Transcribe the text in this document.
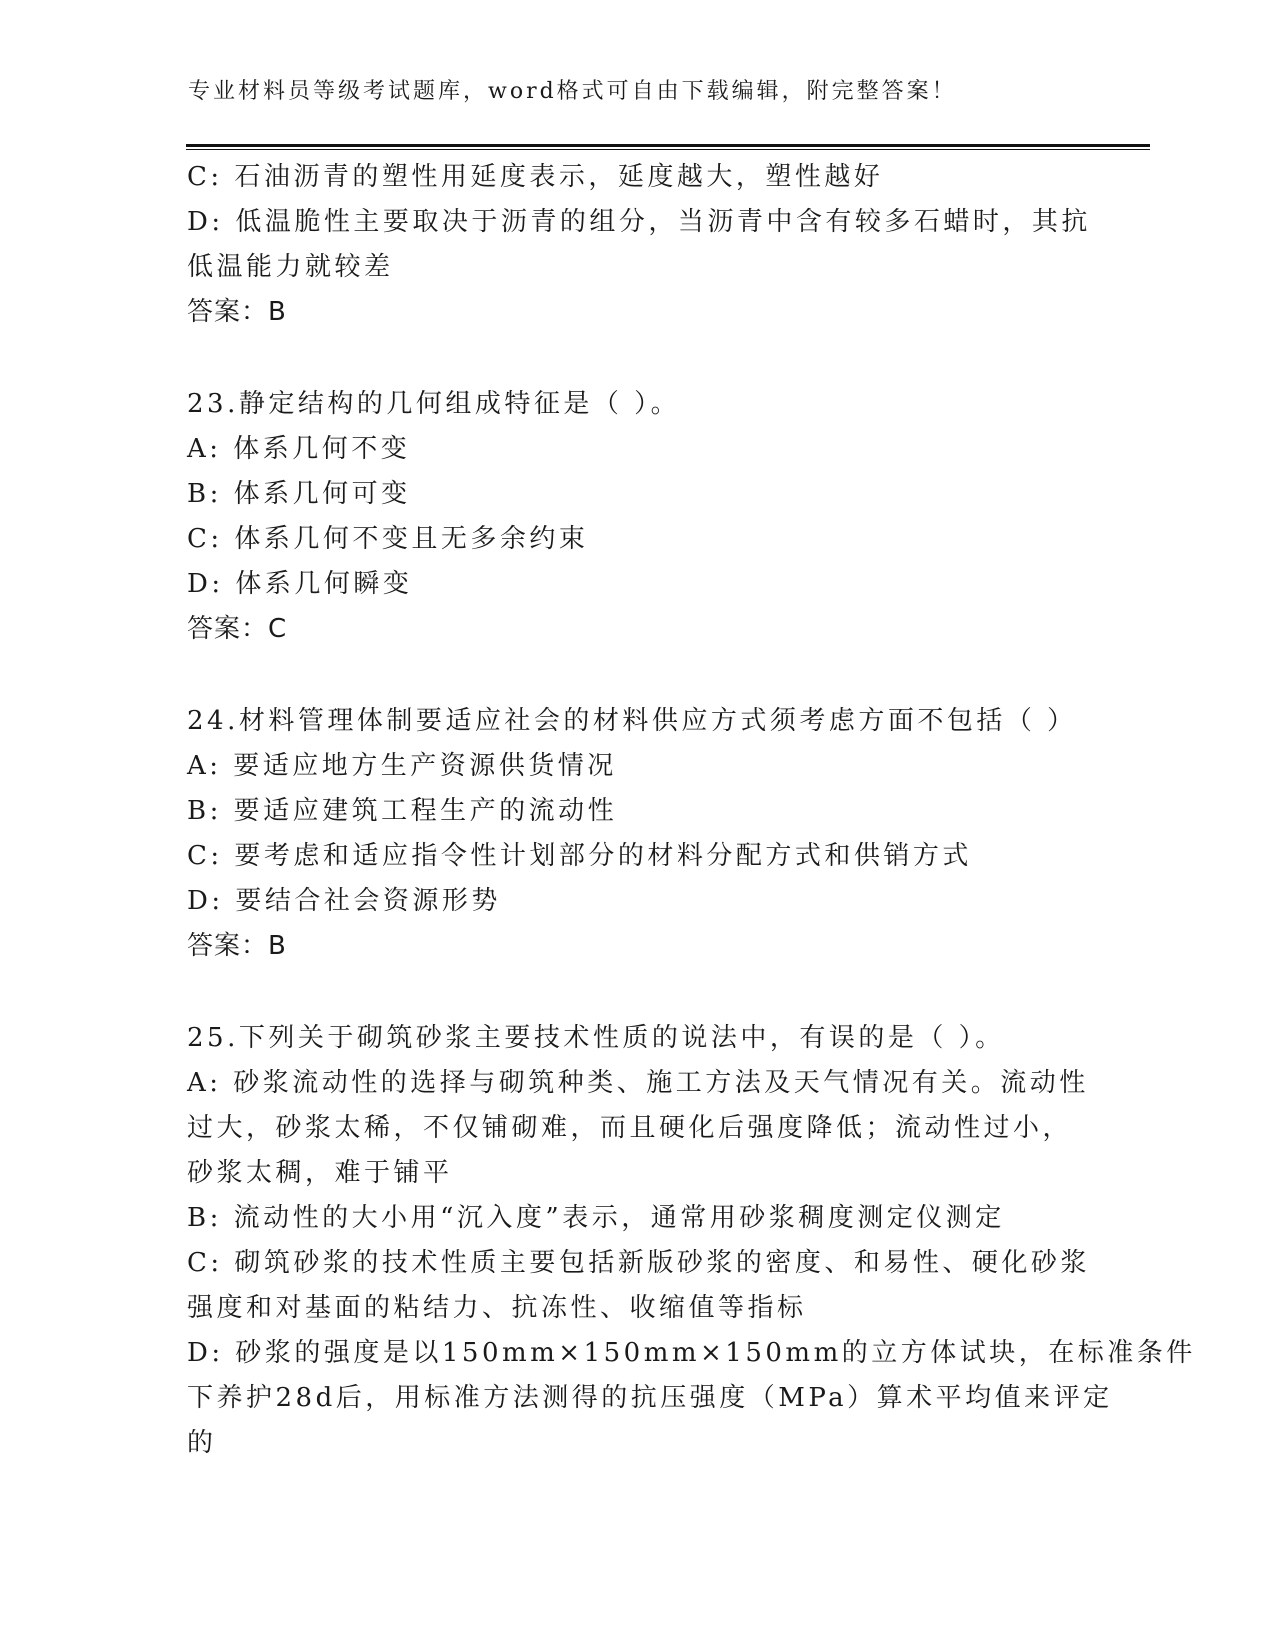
专业材料员等级考试题库，word格式可自由下载编辑，附完整答案！
C: 石油沥青的塑性用延度表示，延度越大，塑性越好
D: 低温脆性主要取决于沥青的组分，当沥青中含有较多石蜡时，其抗
低温能力就较差
答案：B
23.静定结构的几何组成特征是（ ）。
A: 体系几何不变
B: 体系几何可变
C: 体系几何不变且无多余约束
D: 体系几何瞬变
答案：C
24.材料管理体制要适应社会的材料供应方式须考虑方面不包括（ ）
A: 要适应地方生产资源供货情况
B: 要适应建筑工程生产的流动性
C: 要考虑和适应指令性计划部分的材料分配方式和供销方式
D: 要结合社会资源形势
答案：B
25.下列关于砌筑砂浆主要技术性质的说法中，有误的是（ ）。
A: 砂浆流动性的选择与砌筑种类、施工方法及天气情况有关。流动性
过大，砂浆太稀，不仅铺砌难，而且硬化后强度降低；流动性过小，
砂浆太稠，难于铺平
B: 流动性的大小用“沉入度”表示，通常用砂浆稠度测定仪测定
C: 砌筑砂浆的技术性质主要包括新版砂浆的密度、和易性、硬化砂浆
强度和对基面的粘结力、抗冻性、收缩值等指标
D: 砂浆的强度是以150mm×150mm×150mm的立方体试块，在标准条件
下养护28d后，用标准方法测得的抗压强度（MPa）算术平均值来评定
的
